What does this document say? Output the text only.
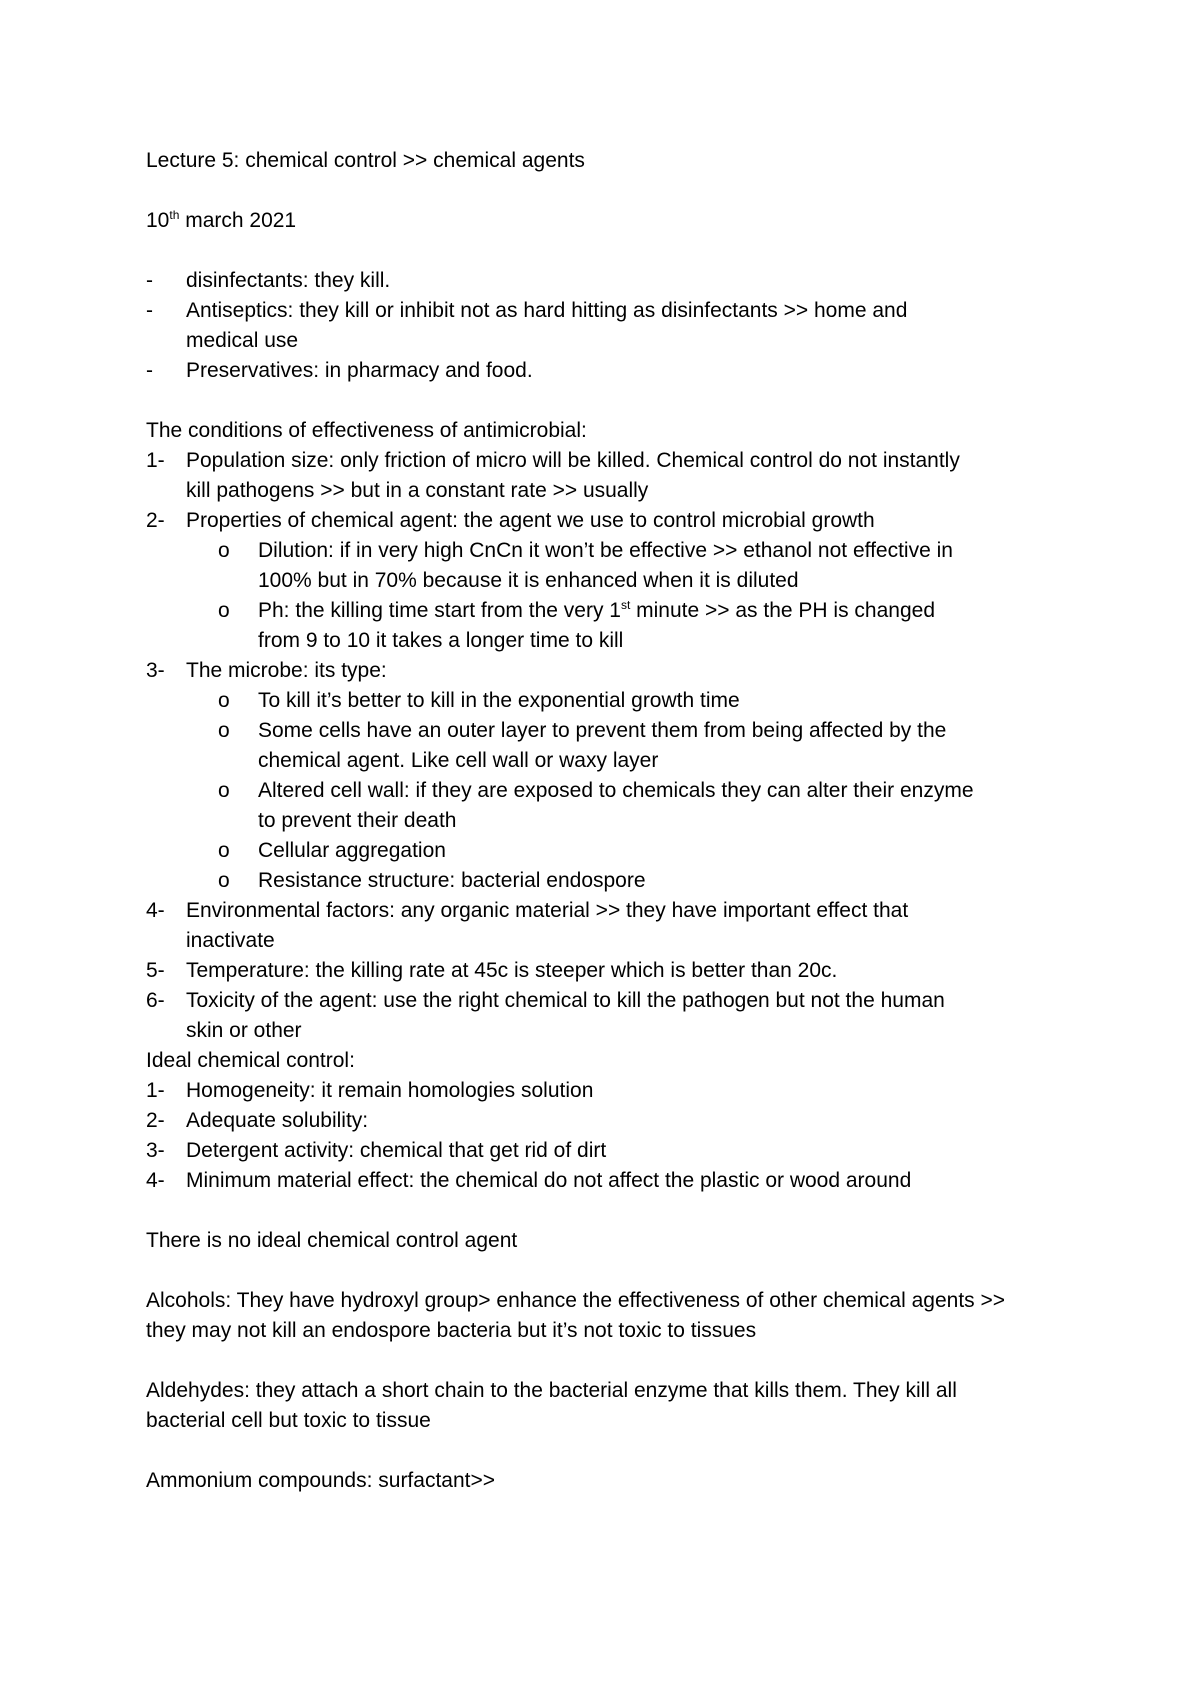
Lecture 5: chemical control >> chemical agents

10th march 2021

-	disinfectants: they kill.
-	Antiseptics: they kill or inhibit not as hard hitting as disinfectants >> home and
medical use
-	Preservatives: in pharmacy and food.

The conditions of effectiveness of antimicrobial:

1-	Population size: only friction of micro will be killed. Chemical control do not instantly
kill pathogens >> but in a constant rate >> usually
2-	Properties of chemical agent: the agent we use to control microbial growth
o	Dilution: if in very high CnCn it won’t be effective >> ethanol not effective in
100% but in 70% because it is enhanced when it is diluted
o	Ph: the killing time start from the very 1st minute >> as the PH is changed
from 9 to 10 it takes a longer time to kill
3-	The microbe: its type:
o	To kill it’s better to kill in the exponential growth time
o	Some cells have an outer layer to prevent them from being affected by the
chemical agent. Like cell wall or waxy layer
o	Altered cell wall: if they are exposed to chemicals they can alter their enzyme
to prevent their death
o	Cellular aggregation
o	Resistance structure: bacterial endospore
4-	Environmental factors: any organic material >> they have important effect that
inactivate
5-	Temperature: the killing rate at 45c is steeper which is better than 20c.
6-	Toxicity of the agent: use the right chemical to kill the pathogen but not the human
skin or other

Ideal chemical control:

1-	Homogeneity: it remain homologies solution
2-	Adequate solubility:
3-	Detergent activity: chemical that get rid of dirt
4-	Minimum material effect: the chemical do not affect the plastic or wood around

There is no ideal chemical control agent

Alcohols: They have hydroxyl group> enhance the effectiveness of other chemical agents >>

they may not kill an endospore bacteria but it’s not toxic to tissues

Aldehydes: they attach a short chain to the bacterial enzyme that kills them. They kill all

bacterial cell but toxic to tissue

Ammonium compounds: surfactant>>
